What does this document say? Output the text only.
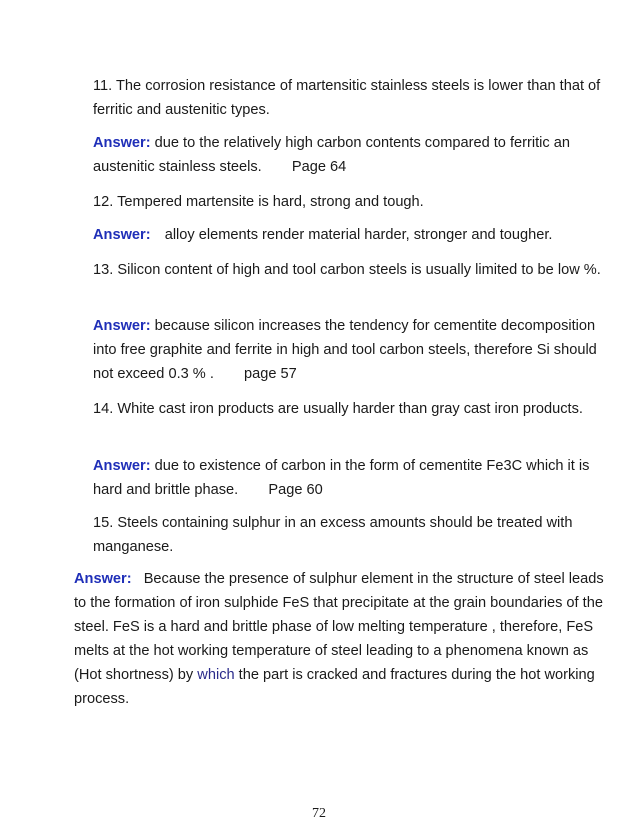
11. The corrosion resistance of martensitic stainless steels is lower than that of ferritic and austenitic types.
Answer: due to the relatively high carbon contents compared to ferritic an austenitic stainless steels. Page 64
12. Tempered martensite is hard, strong and tough.
Answer: alloy elements render material harder, stronger and tougher.
13. Silicon content of high and tool carbon steels is usually limited to be low %.
Answer: because silicon increases the tendency for cementite decomposition into free graphite and ferrite in high and tool carbon steels, therefore Si should not exceed 0.3 % . page 57
14. White cast iron products are usually harder than gray cast iron products.
Answer: due to existence of carbon in the form of cementite Fe3C which it is hard and brittle phase. Page 60
15. Steels containing sulphur in an excess amounts should be treated with manganese.
Answer: Because the presence of sulphur element in the structure of steel leads to the formation of iron sulphide FeS that precipitate at the grain boundaries of the steel. FeS is a hard and brittle phase of low melting temperature , therefore, FeS melts at the hot working temperature of steel leading to a phenomena known as (Hot shortness) by which the part is cracked and fractures during the hot working process.
72
